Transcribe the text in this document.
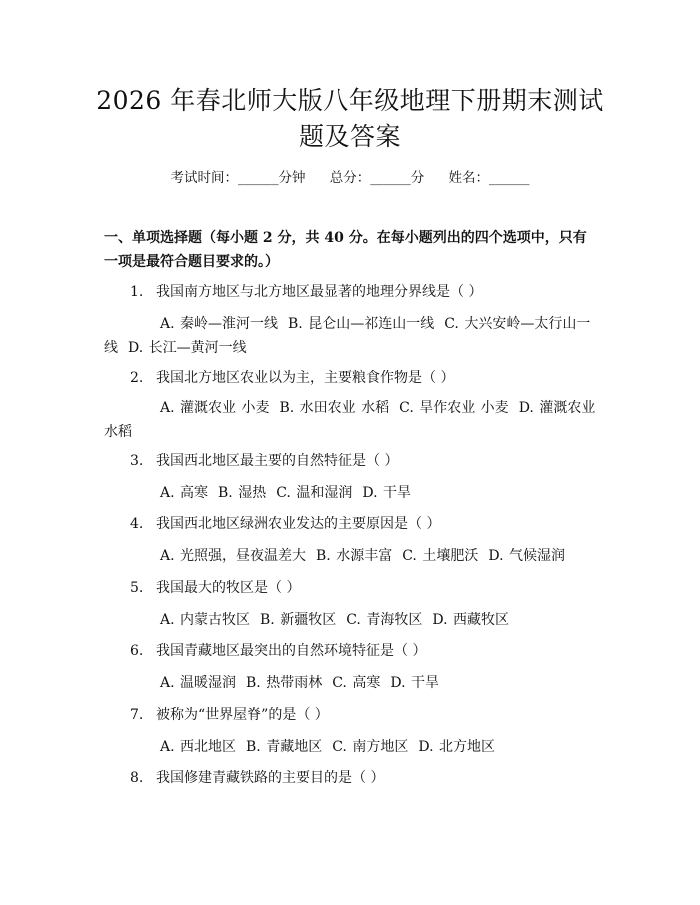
2026 年春北师大版八年级地理下册期末测试
题及答案
考试时间：______分钟 总分：______分 姓名：______
一、单项选择题（每小题 2 分，共 40 分。在每小题列出的四个选项中，只有一项是最符合题目要求的。）
1. 我国南方地区与北方地区最显著的地理分界线是（ ）
A. 秦岭—淮河一线 B. 昆仑山—祁连山一线 C. 大兴安岭—太行山一线 D. 长江—黄河一线
2. 我国北方地区农业以为主，主要粮食作物是（ ）
A. 灌溉农业 小麦 B. 水田农业 水稻 C. 旱作农业 小麦 D. 灌溉农业 水稻
3. 我国西北地区最主要的自然特征是（ ）
A. 高寒 B. 湿热 C. 温和湿润 D. 干旱
4. 我国西北地区绿洲农业发达的主要原因是（ ）
A. 光照强，昼夜温差大 B. 水源丰富 C. 土壤肥沃 D. 气候湿润
5. 我国最大的牧区是（ ）
A. 内蒙古牧区 B. 新疆牧区 C. 青海牧区 D. 西藏牧区
6. 我国青藏地区最突出的自然环境特征是（ ）
A. 温暖湿润 B. 热带雨林 C. 高寒 D. 干旱
7. 被称为“世界屋脊”的是（ ）
A. 西北地区 B. 青藏地区 C. 南方地区 D. 北方地区
8. 我国修建青藏铁路的主要目的是（ ）
